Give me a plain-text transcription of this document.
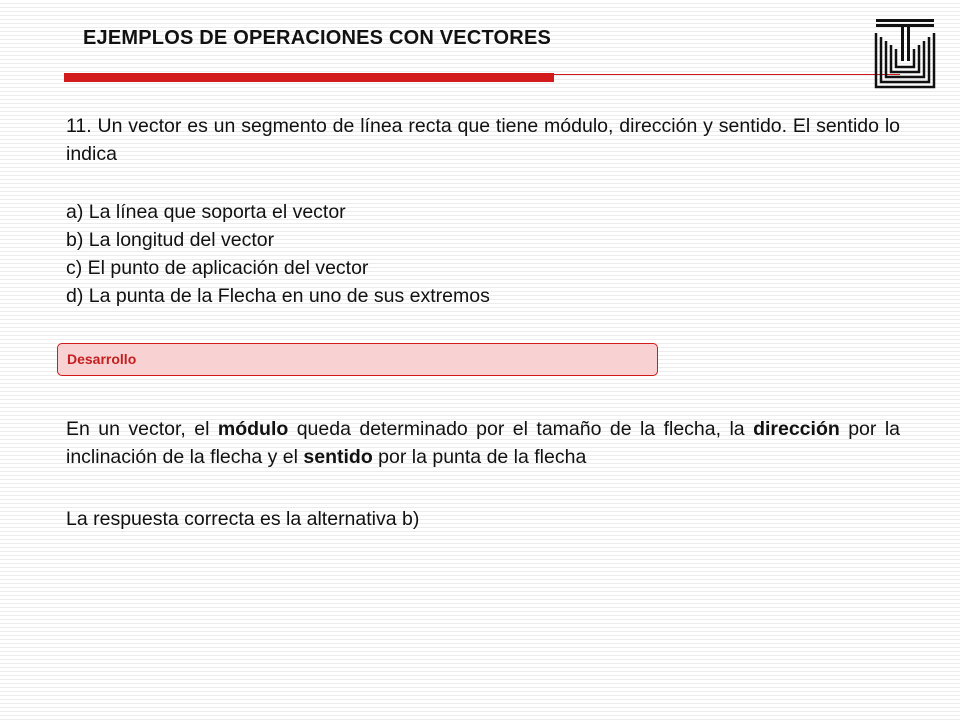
EJEMPLOS DE OPERACIONES CON VECTORES
11. Un vector es un segmento de línea recta que tiene módulo, dirección y sentido. El sentido lo indica
a) La línea que soporta el vector
b) La longitud del vector
c) El punto de aplicación del vector
d) La punta de la Flecha en uno de sus extremos
Desarrollo
En un vector, el módulo queda determinado por el tamaño de la flecha, la dirección por la inclinación de la flecha y el sentido por la punta de la flecha
La respuesta correcta es la alternativa b)
